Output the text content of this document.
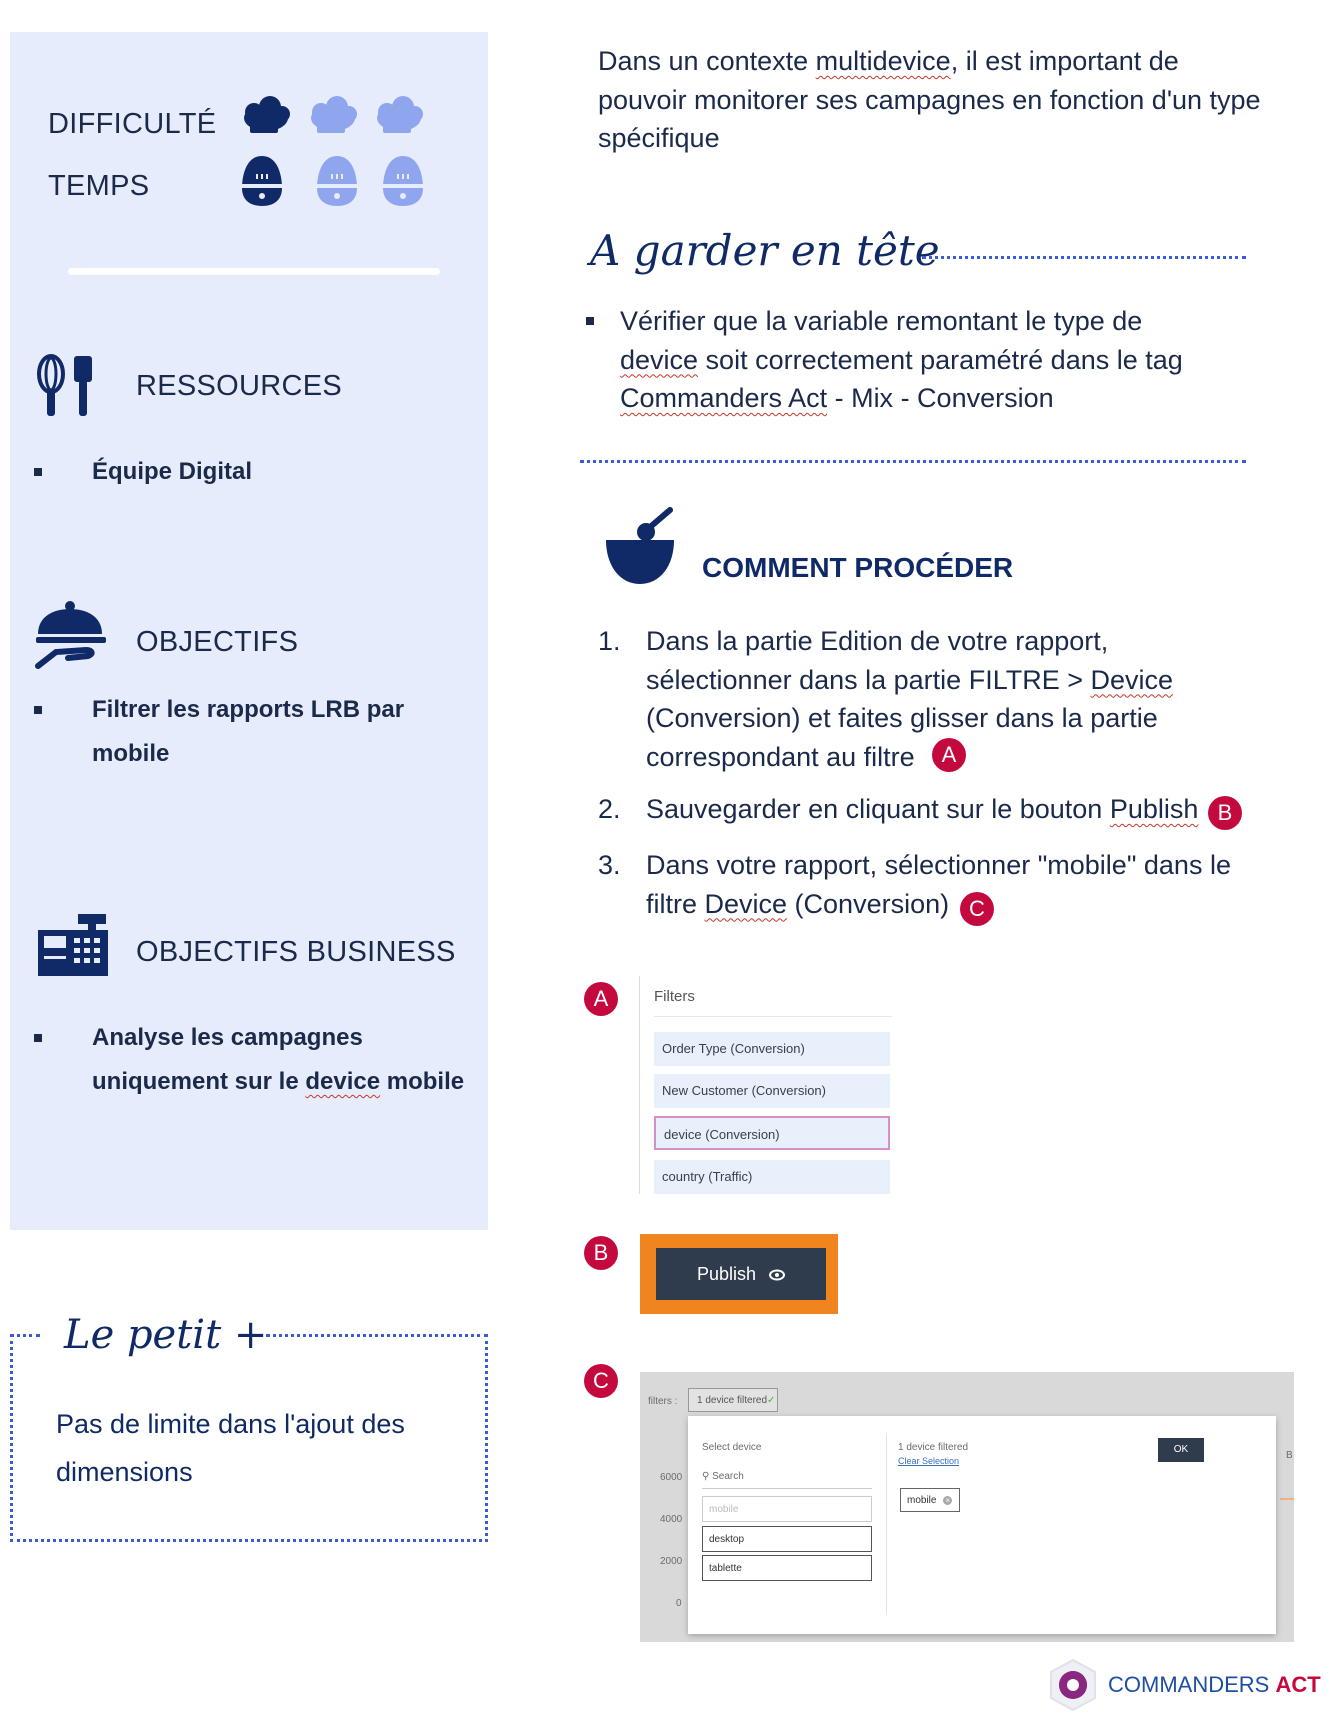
DIFFICULTÉ
TEMPS
RESSOURCES
Équipe Digital
OBJECTIFS
Filtrer les rapports LRB par
mobile
OBJECTIFS BUSINESS
Analyse les campagnes
uniquement sur le device mobile
Le petit +
Pas de limite dans l'ajout des
dimensions
Dans un contexte multidevice, il est important de
pouvoir monitorer ses campagnes en fonction d'un type
spécifique
A garder en tête
Vérifier que la variable remontant le type de
device soit correctement paramétré dans le tag
Commanders Act - Mix - Conversion
COMMENT PROCÉDER
1. Dans la partie Edition de votre rapport,
sélectionner dans la partie FILTRE > Device
(Conversion) et faites glisser dans la partie
correspondant au filtre	A
2. Sauvegarder en cliquant sur le bouton Publish B
3. Dans votre rapport, sélectionner "mobile" dans le
filtre Device (Conversion) C
A	Filters
Order Type (Conversion)
New Customer (Conversion)
device (Conversion)
country (Traffic)
B
Publish
C
filters :	1 device filtered✓
6000
4000
2000
0
B
Select device
⚲ Search
mobile
desktop
tablette
1 device filtered
Clear Selection
mobile ×
OK
COMMANDERS ACT
